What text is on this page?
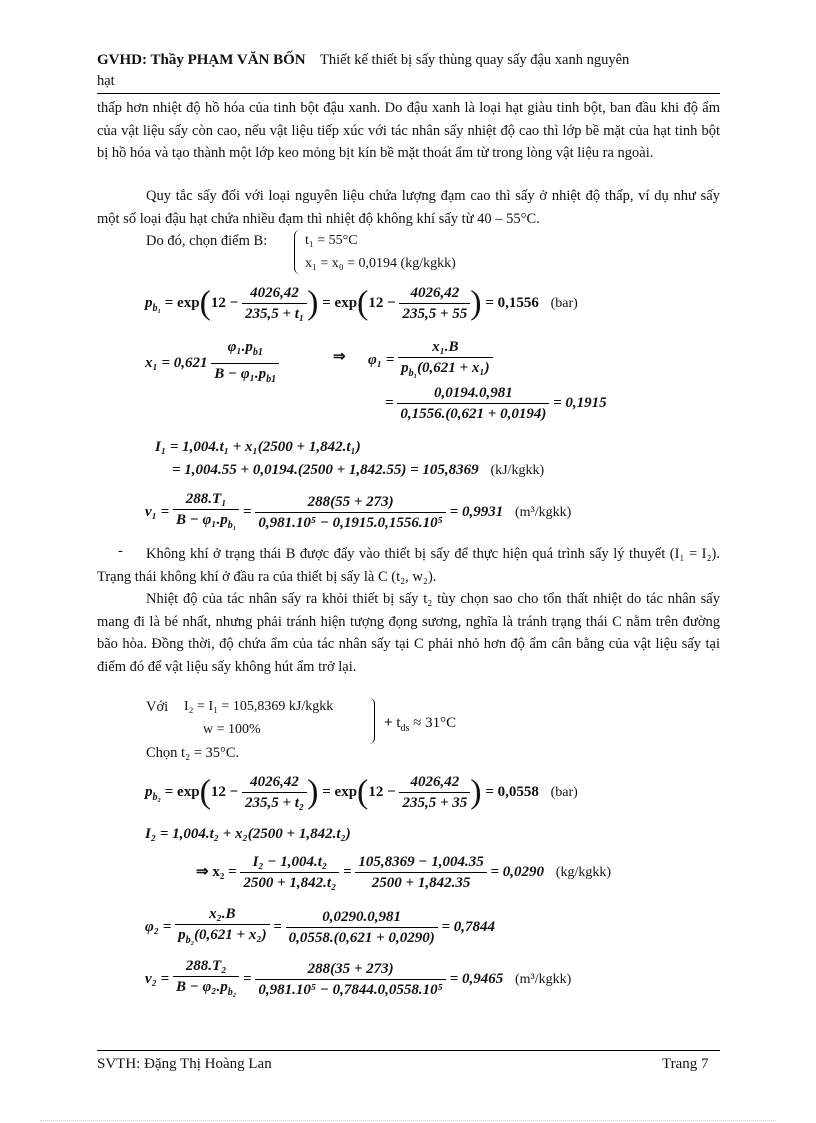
GVHD: Thầy PHẠM VĂN BỐN Thiết kế thiết bị sấy thùng quay sấy đậu xanh nguyên
hạt
thấp hơn nhiệt độ hồ hóa của tinh bột đậu xanh. Do đậu xanh là loại hạt giàu tinh bột, ban đầu khi độ ẩm của vật liệu sấy còn cao, nếu vật liệu tiếp xúc với tác nhân sấy nhiệt độ cao thì lớp bề mặt của hạt tinh bột bị hồ hóa và tạo thành một lớp keo mỏng bịt kín bề mặt thoát ẩm từ trong lòng vật liệu ra ngoài.
Quy tắc sấy đối với loại nguyên liệu chứa lượng đạm cao thì sấy ở nhiệt độ thấp, ví dụ như sấy một số loại đậu hạt chứa nhiều đạm thì nhiệt độ không khí sấy từ 40 – 55°C.
Do đó, chọn điểm B:	t₁ = 55°C
x₁ = x₀ = 0,0194 (kg/kgkk)
$p_{b_1} = \exp(12 - \frac{4026,42}{\text{235,5 + t₁}}$ ) = $\exp(12 - \frac{4026,42}{235,5 + 55}$ ) = 0,1556 (bar)
$x_1 = 0,621 \frac{\varphi_1.p_{b1}}{B - \varphi_1.p_{b1}}$	⇒ $\varphi_1 = \frac{\text{x₁.B}}{p_{b_1}(0,621 + x_1)}$
= $\frac{0,0194.0,981}{0,1556.(0,621 + 0,0194)} = 0,1915$
I₁ = 1,004.t₁ + x₁(2500 + 1,842.t₁)
= 1,004.55 + 0,0194.(2500 + 1,842.55) = 105,8369 (kJ/kgkk)
$v_1 = \frac{\text{288.T₁}}{B - \varphi_1.p_{b_1}} = \frac{288(55 + 273)}{\text{0,981.10⁵ − 0,1915.0,1556.10⁵}} = 0,9931$ (m³/kgkk)
-	Không khí ở trạng thái B được đẩy vào thiết bị sấy để thực hiện quá trình sấy lý thuyết (I₁ = I₂). Trạng thái không khí ở đầu ra của thiết bị sấy là C (t₂, w₂).
Nhiệt độ của tác nhân sấy ra khỏi thiết bị sấy t₂ tùy chọn sao cho tổn thất nhiệt do tác nhân sấy mang đi là bé nhất, nhưng phải tránh hiện tượng đọng sương, nghĩa là tránh trạng thái C nằm trên đường bão hòa. Đồng thời, độ chứa ẩm của tác nhân sấy tại C phải nhỏ hơn độ ẩm cân bằng của vật liệu sấy tại điểm đó để vật liệu sấy không hút ẩm trở lại.
Với I₂ = I₁ = 105,8369 kJ/kgkk
w = 100%	+ $t_{ds} \approx 31^\circ C$
Chọn t₂ = 35°C.
$p_{b_2} = \exp(12 - \frac{4026,42}{\text{235,5 + t₂}}$ ) = $\exp(12 - \frac{4026,42}{235,5 + 35}$ ) = 0,0558 (bar)
I₂ = 1,004.t₂ + x₂(2500 + 1,842.t₂)
⇒ $x_2 = \frac{\text{I₂ − 1,004.t₂}}{\text{2500 + 1,842.t₂}} = \frac{105,8369 - 1,004.35}{2500 + 1,842.35} = 0,0290$ (kg/kgkk)
$\varphi_2 = \frac{\text{x₂.B}}{p_{b_2}(0,621 + x_2)} = \frac{0,0290.0,981}{0,0558.(0,621 + 0,0290)} = 0,7844$
$v_2 = \frac{\text{288.T₂}}{B - \varphi_2.p_{b_2}} = \frac{288(35 + 273)}{\text{0,981.10⁵ − 0,7844.0,0558.10⁵}} = 0,9465$ (m³/kgkk)
SVTH: Đặng Thị Hoàng Lan	Trang 7
